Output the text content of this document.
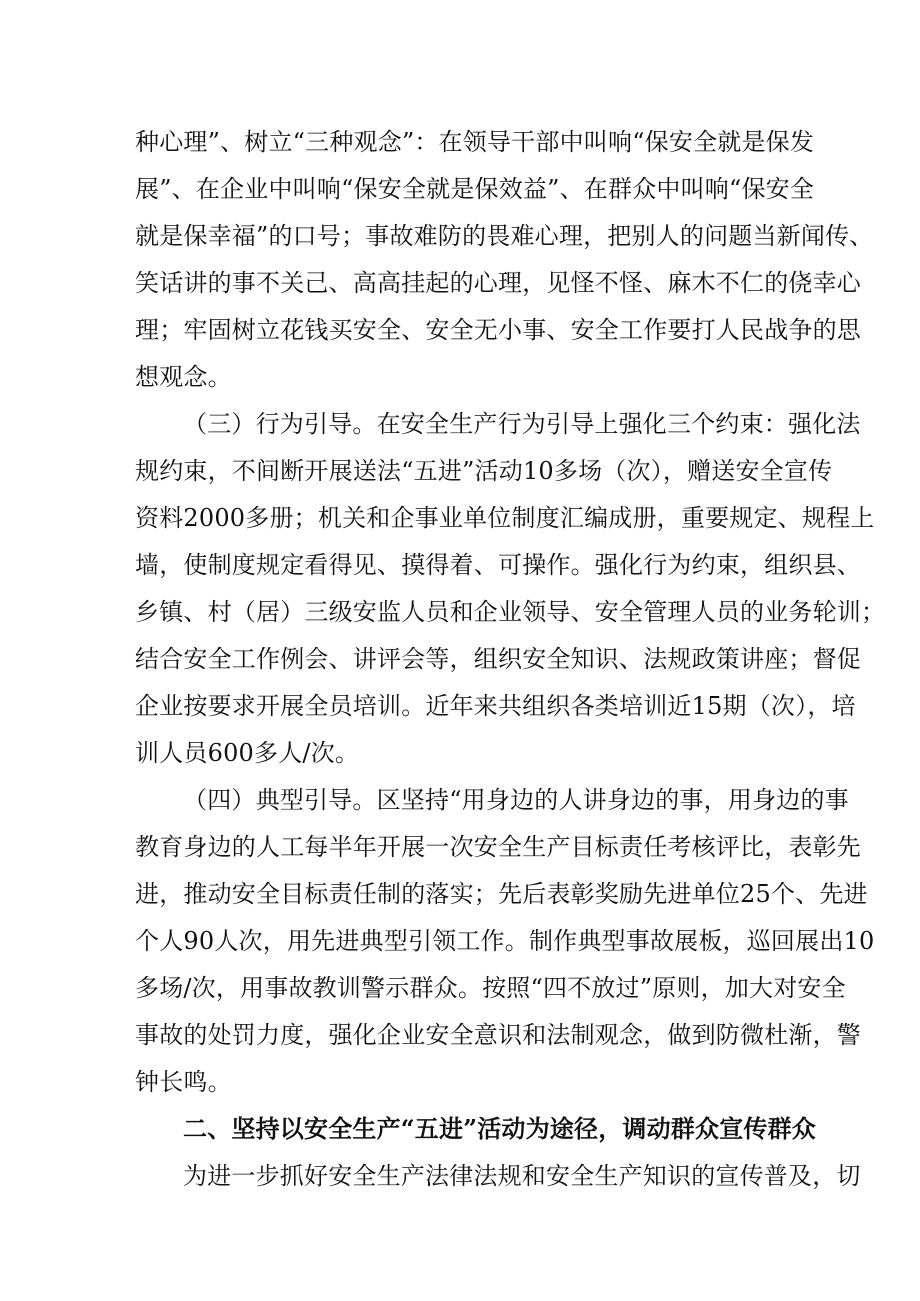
种心理”、树立“三种观念”：在领导干部中叫响“保安全就是保发
展”、在企业中叫响“保安全就是保效益”、在群众中叫响“保安全
就是保幸福”的口号；事故难防的畏难心理，把别人的问题当新闻传、
笑话讲的事不关己、高高挂起的心理，见怪不怪、麻木不仁的侥幸心
理；牢固树立花钱买安全、安全无小事、安全工作要打人民战争的思
想观念。
（三）行为引导。在安全生产行为引导上强化三个约束：强化法
规约束，不间断开展送法“五进”活动10多场（次），赠送安全宣传
资料2000多册；机关和企事业单位制度汇编成册，重要规定、规程上
墙，使制度规定看得见、摸得着、可操作。强化行为约束，组织县、
乡镇、村（居）三级安监人员和企业领导、安全管理人员的业务轮训；
结合安全工作例会、讲评会等，组织安全知识、法规政策讲座；督促
企业按要求开展全员培训。近年来共组织各类培训近15期（次），培
训人员600多人/次。
（四）典型引导。区坚持“用身边的人讲身边的事，用身边的事
教育身边的人工每半年开展一次安全生产目标责任考核评比，表彰先
进，推动安全目标责任制的落实；先后表彰奖励先进单位25个、先进
个人90人次，用先进典型引领工作。制作典型事故展板，巡回展出10
多场/次，用事故教训警示群众。按照“四不放过”原则，加大对安全
事故的处罚力度，强化企业安全意识和法制观念，做到防微杜渐，警
钟长鸣。
二、坚持以安全生产“五进”活动为途径，调动群众宣传群众
为进一步抓好安全生产法律法规和安全生产知识的宣传普及，切
